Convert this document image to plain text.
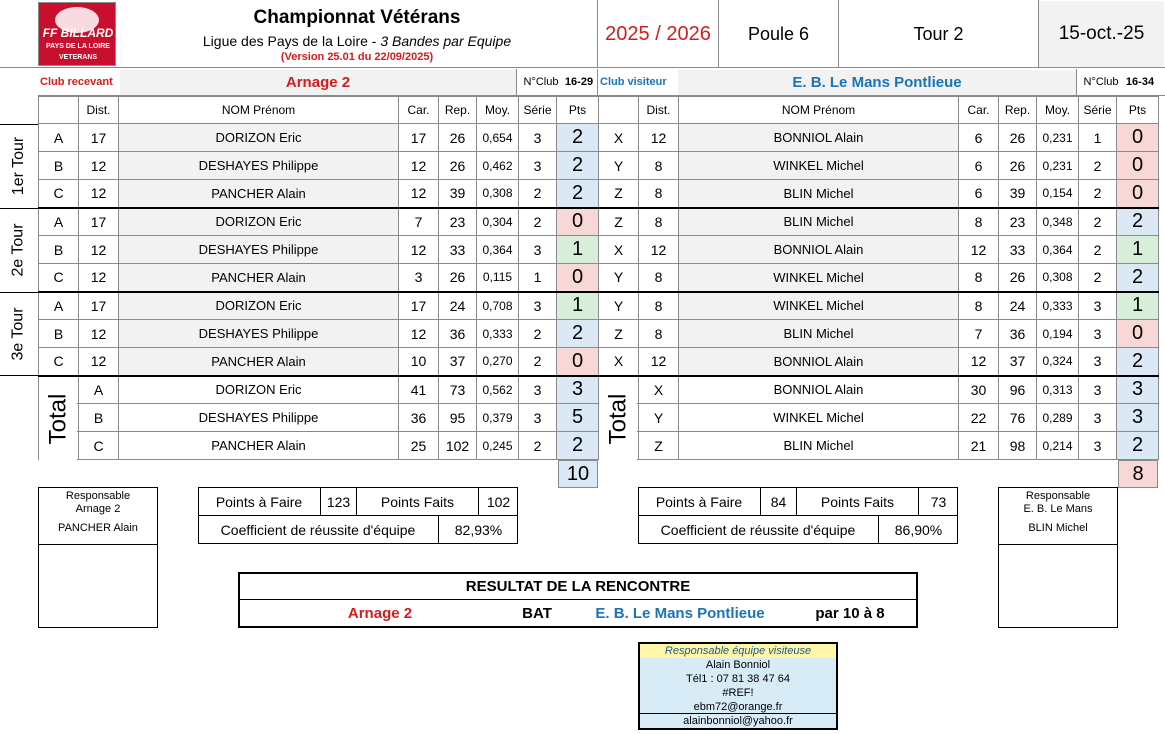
FF BILLARD
PAYS DE LA LOIRE
VETERANS
Championnat Vétérans
Ligue des Pays de la Loire -
3 Bandes par Equipe
(Version 25.01 du 22/09/2025)
2025 / 2026	Poule 6	Tour 2	15-oct.-25
Club recevant	Arnage 2	N°Club 16-29 Club visiteur	E. B. Le Mans Pontlieue	N°Club 16-34
1er Tour
2e Tour
3e Tour
	Dist.	NOM Prénom	Car.	Rep.	Moy.	Série	Pts
A	17	DORIZON Eric	17	26	0,654	3	2
B	12	DESHAYES Philippe	12	26	0,462	3	2
C	12	PANCHER Alain	12	39	0,308	2	2
A	17	DORIZON Eric	7	23	0,304	2	0
B	12	DESHAYES Philippe	12	33	0,364	3	1
C	12	PANCHER Alain	3	26	0,115	1	0
A	17	DORIZON Eric	17	24	0,708	3	1
B	12	DESHAYES Philippe	12	36	0,333	2	2
C	12	PANCHER Alain	10	37	0,270	2	0
	A	DORIZON Eric	41	73	0,562	3	3
	B	DESHAYES Philippe	36	95	0,379	3	5
	C	PANCHER Alain	25	102	0,245	2	2
	Dist.	NOM Prénom	Car.	Rep.	Moy.	Série	Pts
X	12	BONNIOL Alain	6	26	0,231	1	0
Y	8	WINKEL Michel	6	26	0,231	2	0
Z	8	BLIN Michel	6	39	0,154	2	0
Z	8	BLIN Michel	8	23	0,348	2	2
X	12	BONNIOL Alain	12	33	0,364	2	1
Y	8	WINKEL Michel	8	26	0,308	2	2
Y	8	WINKEL Michel	8	24	0,333	3	1
Z	8	BLIN Michel	7	36	0,194	3	0
X	12	BONNIOL Alain	12	37	0,324	3	2
	X	BONNIOL Alain	30	96	0,313	3	3
	Y	WINKEL Michel	22	76	0,289	3	3
	Z	BLIN Michel	21	98	0,214	3	2
Total	Total
10	8
Responsable
Arnage 2
PANCHER Alain
Points à Faire	123	Points Faits	102
Coefficient de réussite d'équipe	82,93%
Points à Faire	84	Points Faits	73
Coefficient de réussite d'équipe	86,90%
Responsable
E. B. Le Mans
BLIN Michel
RESULTAT DE LA RENCONTRE
Arnage 2	BAT	E. B. Le Mans Pontlieue	par 10 à 8
Responsable équipe visiteuse
Alain Bonniol
Tél1 : 07 81 38 47 64
#REF!
ebm72@orange.fr
alainbonniol@yahoo.fr
